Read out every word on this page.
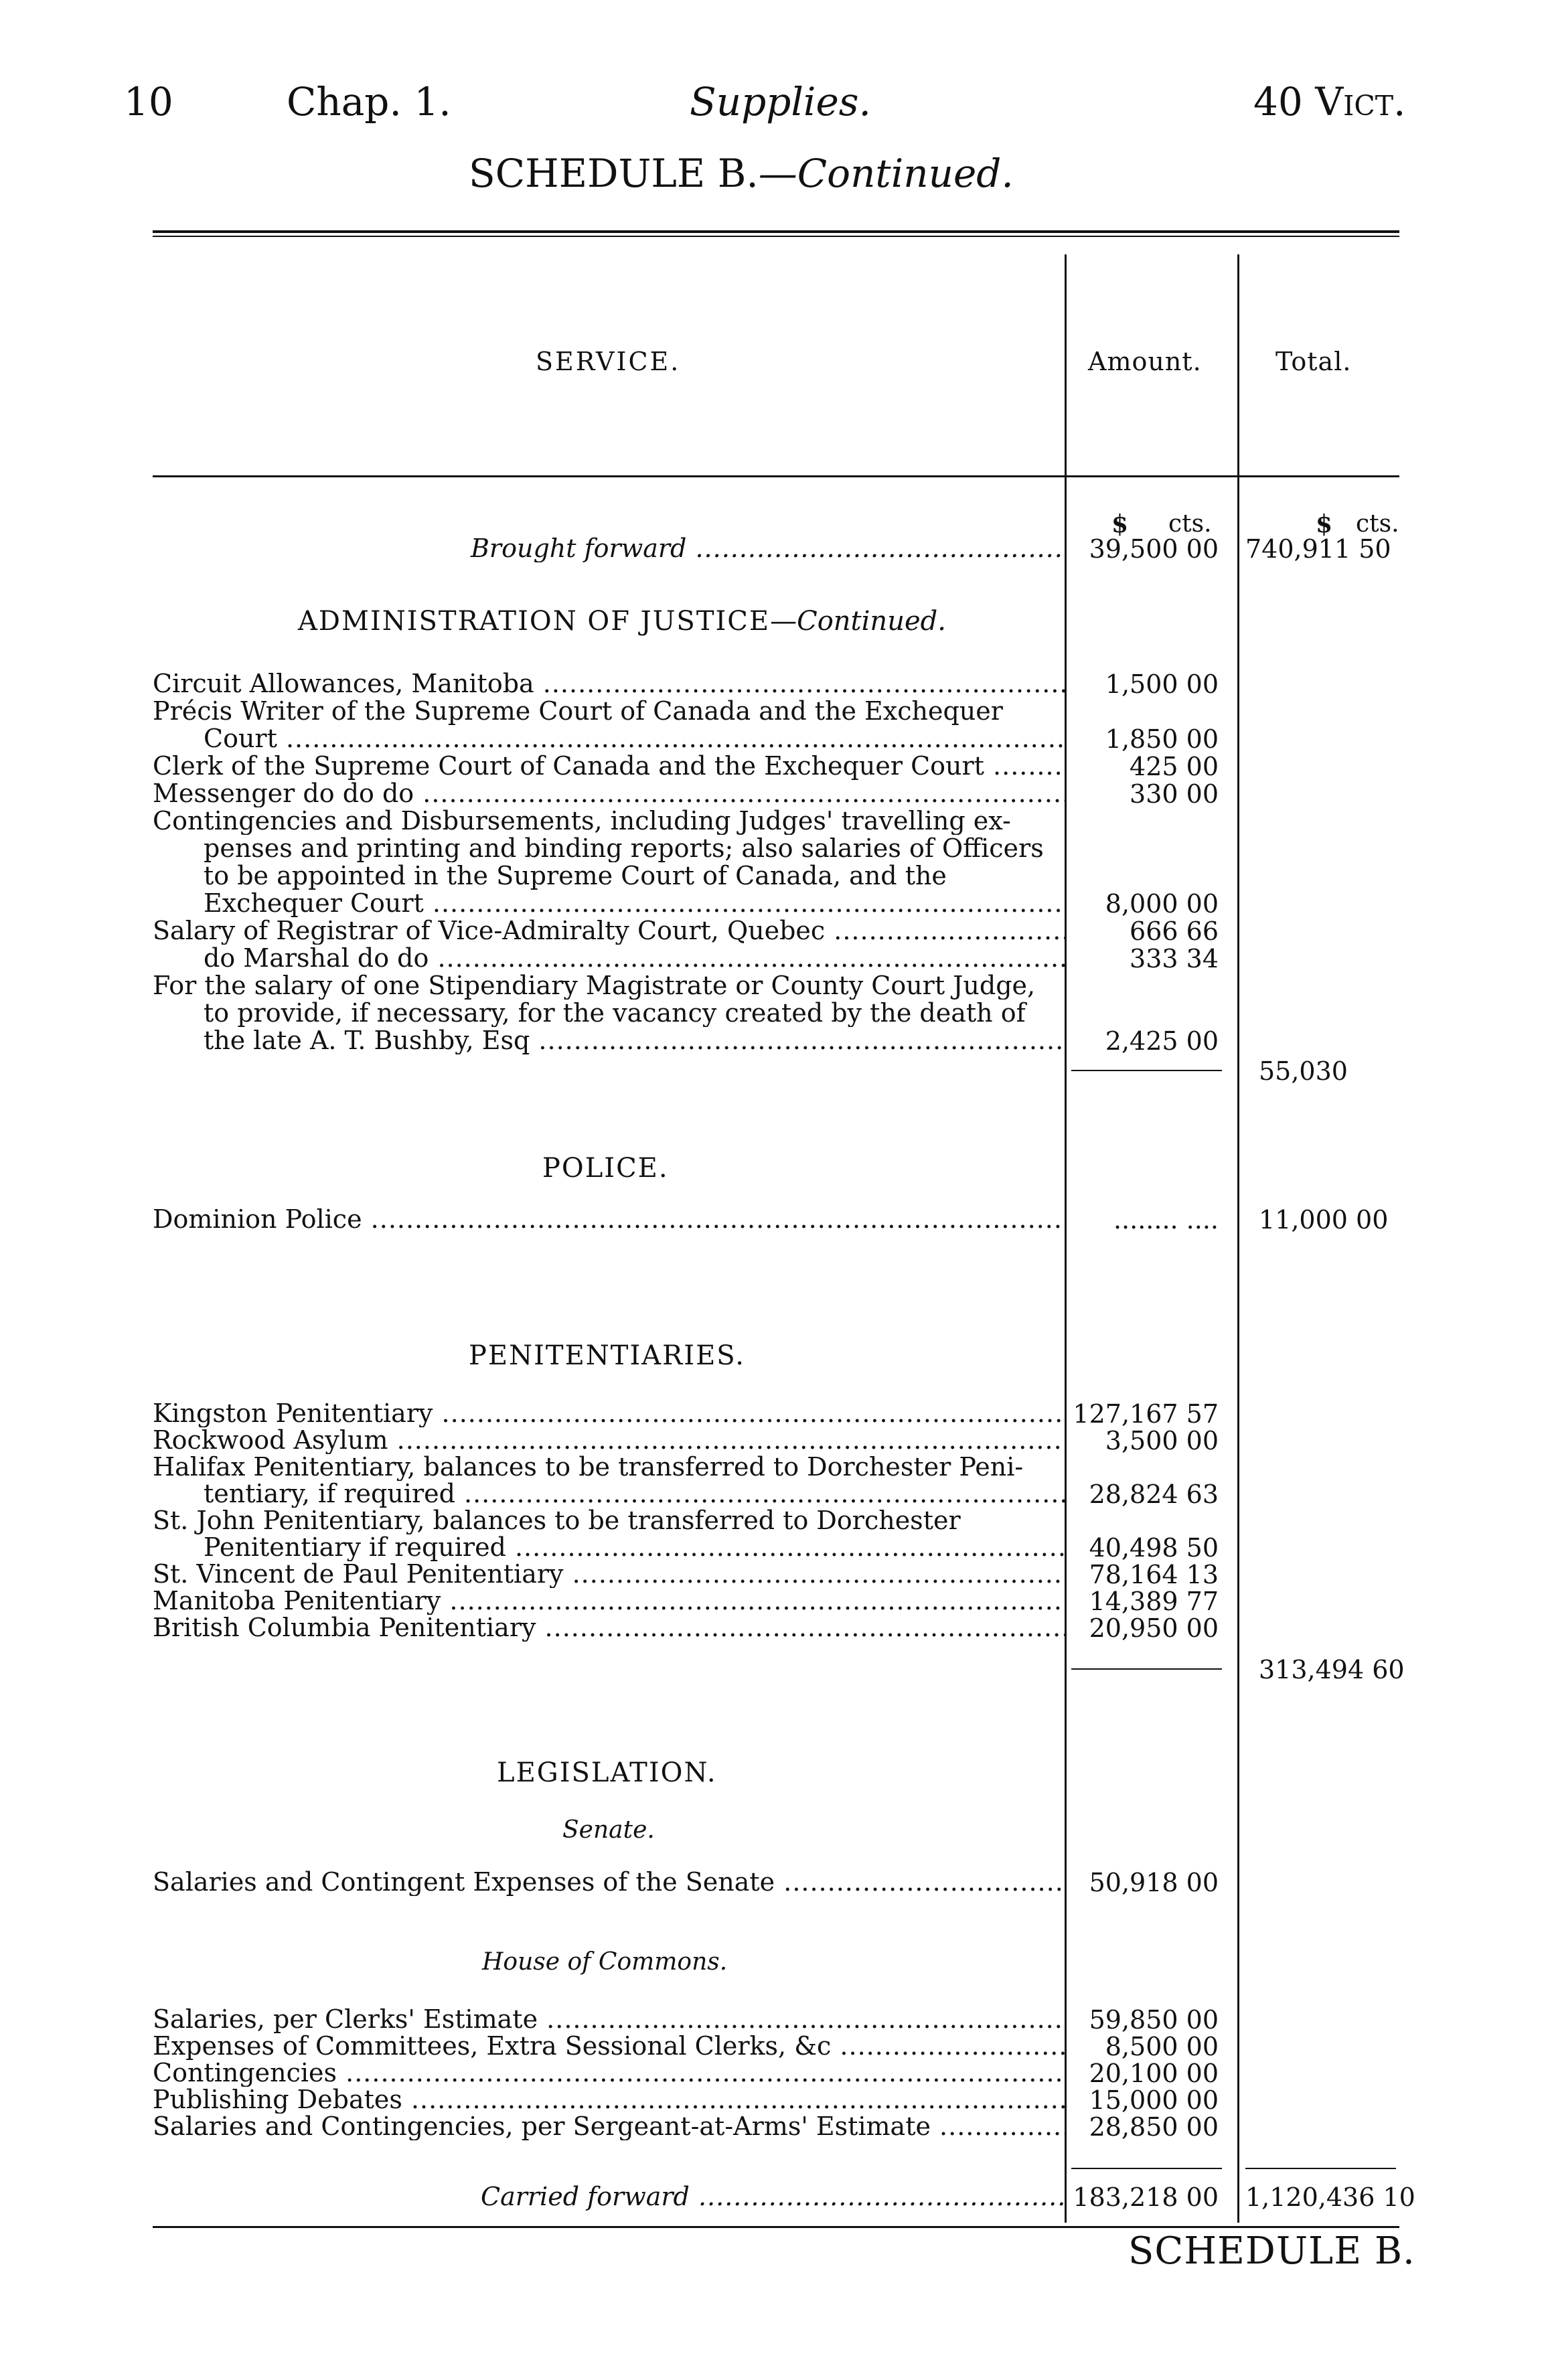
10	Chap. 1.	Supplies.	40 Vict.
SCHEDULE B.—Continued.
SERVICE.	Amount.	Total.
$ cts.	$ cts.
Brought forward .....	39,500 00 740,911 50
ADMINISTRATION OF JUSTICE—Continued.
Circuit Allowances, Manitoba .....	1,500 00
Précis Writer of the Supreme Court of Canada and the Exchequer
Court .....	1,850 00
Clerk of the Supreme Court of Canada and the Exchequer Court .....	425 00
Messenger do do do .....	330 00
Contingencies and Disbursements, including Judges' travelling ex-
penses and printing and binding reports; also salaries of Officers
to be appointed in the Supreme Court of Canada, and the
Exchequer Court .....	8,000 00
Salary of Registrar of Vice-Admiralty Court, Quebec .....	666 66
do Marshal do do .....	333 34
For the salary of one Stipendiary Magistrate or County Court Judge,
to provide, if necessary, for the vacancy created by the death of
the late A. T. Bushby, Esq .....	2,425 00
55,030
POLICE.
Dominion Police .....	........ .... 11,000 00
PENITENTIARIES.
Kingston Penitentiary .....	127,167 57
Rockwood Asylum .....	3,500 00
Halifax Penitentiary, balances to be transferred to Dorchester Peni-
tentiary, if required .....	28,824 63
St. John Penitentiary, balances to be transferred to Dorchester
Penitentiary if required .....	40,498 50
St. Vincent de Paul Penitentiary .....	78,164 13
Manitoba Penitentiary .....	14,389 77
British Columbia Penitentiary .....	20,950 00
313,494 60
LEGISLATION.
Senate.
Salaries and Contingent Expenses of the Senate .....	50,918 00
House of Commons.
Salaries, per Clerks' Estimate .....	59,850 00
Expenses of Committees, Extra Sessional Clerks, &c .....	8,500 00
Contingencies .....	20,100 00
Publishing Debates .....	15,000 00
Salaries and Contingencies, per Sergeant-at-Arms' Estimate .....	28,850 00
Carried forward .....	183,218 00 1,120,436 10
SCHEDULE B.
